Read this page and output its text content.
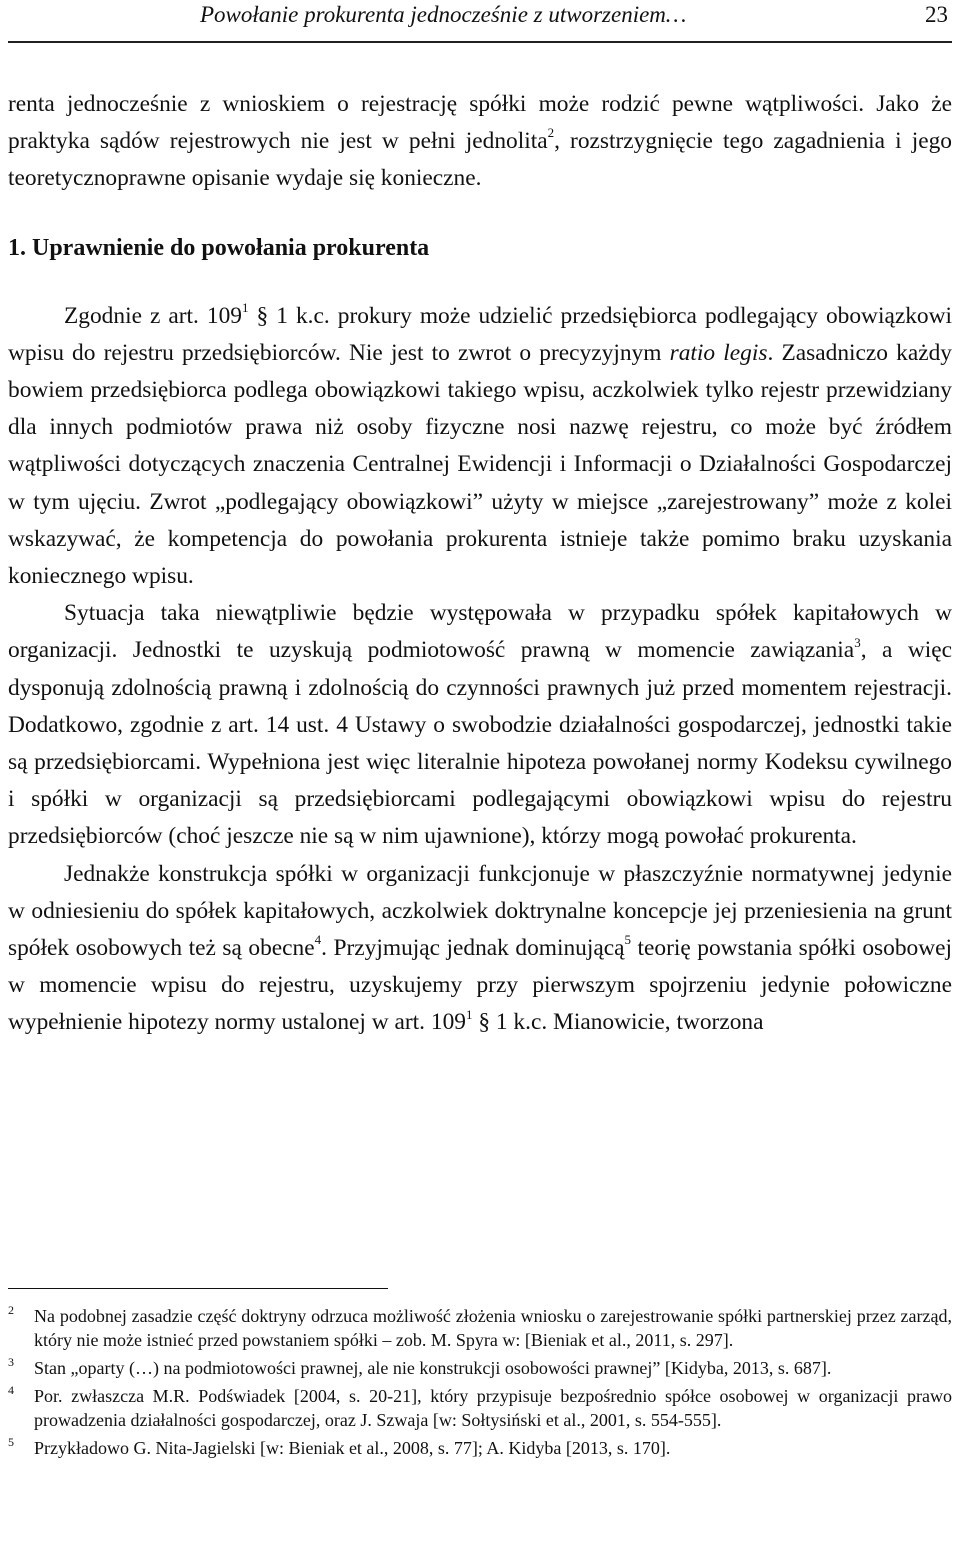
Powołanie prokurenta jednocześnie z utworzeniem…	23

renta jednocześnie z wnioskiem o rejestrację spółki może rodzić pewne wątpliwości. Jako że praktyka sądów rejestrowych nie jest w pełni jednolita$^2$, rozstrzygnięcie tego zagadnienia i jego teoretycznoprawne opisanie wydaje się konieczne.

1. Uprawnienie do powołania prokurenta

Zgodnie z art. $109^1$ § 1 k.c. prokury może udzielić przedsiębiorca podlegający obowiązkowi wpisu do rejestru przedsiębiorców. Nie jest to zwrot o precyzyjnym ratio legis. Zasadniczo każdy bowiem przedsiębiorca podlega obowiązkowi takiego wpisu, aczkolwiek tylko rejestr przewidziany dla innych podmiotów prawa niż osoby fizyczne nosi nazwę rejestru, co może być źródłem wątpliwości dotyczących znaczenia Centralnej Ewidencji i Informacji o Działalności Gospodarczej w tym ujęciu. Zwrot „podlegający obowiązkowi” użyty w miejsce „zarejestrowany” może z kolei wskazywać, że kompetencja do powołania prokurenta istnieje także pomimo braku uzyskania koniecznego wpisu.

Sytuacja taka niewątpliwie będzie występowała w przypadku spółek kapitałowych w organizacji. Jednostki te uzyskują podmiotowość prawną w momencie zawiązania$^3$, a więc dysponują zdolnością prawną i zdolnością do czynności prawnych już przed momentem rejestracji. Dodatkowo, zgodnie z art. 14 ust. 4 Ustawy o swobodzie działalności gospodarczej, jednostki takie są przedsiębiorcami. Wypełniona jest więc literalnie hipoteza powołanej normy Kodeksu cywilnego i spółki w organizacji są przedsiębiorcami podlegającymi obowiązkowi wpisu do rejestru przedsiębiorców (choć jeszcze nie są w nim ujawnione), którzy mogą powołać prokurenta.

Jednakże konstrukcja spółki w organizacji funkcjonuje w płaszczyźnie normatywnej jedynie w odniesieniu do spółek kapitałowych, aczkolwiek doktrynalne koncepcje jej przeniesienia na grunt spółek osobowych też są obecne$^4$. Przyjmując jednak dominującą$^5$ teorię powstania spółki osobowej w momencie wpisu do rejestru, uzyskujemy przy pierwszym spojrzeniu jedynie połowiczne wypełnienie hipotezy normy ustalonej w art. $109^1$ § 1 k.c. Mianowicie, tworzona

2 Na podobnej zasadzie część doktryny odrzuca możliwość złożenia wniosku o zarejestrowanie spółki partnerskiej przez zarząd, który nie może istnieć przed powstaniem spółki – zob. M. Spyra w: [Bieniak et al., 2011, s. 297].
3 Stan „oparty (…) na podmiotowości prawnej, ale nie konstrukcji osobowości prawnej” [Kidyba, 2013, s. 687].
4 Por. zwłaszcza M.R. Podświadek [2004, s. 20-21], który przypisuje bezpośrednio spółce osobowej w organizacji prawo prowadzenia działalności gospodarczej, oraz J. Szwaja [w: Sołtysiński et al., 2001, s. 554-555].
5 Przykładowo G. Nita-Jagielski [w: Bieniak et al., 2008, s. 77]; A. Kidyba [2013, s. 170].
